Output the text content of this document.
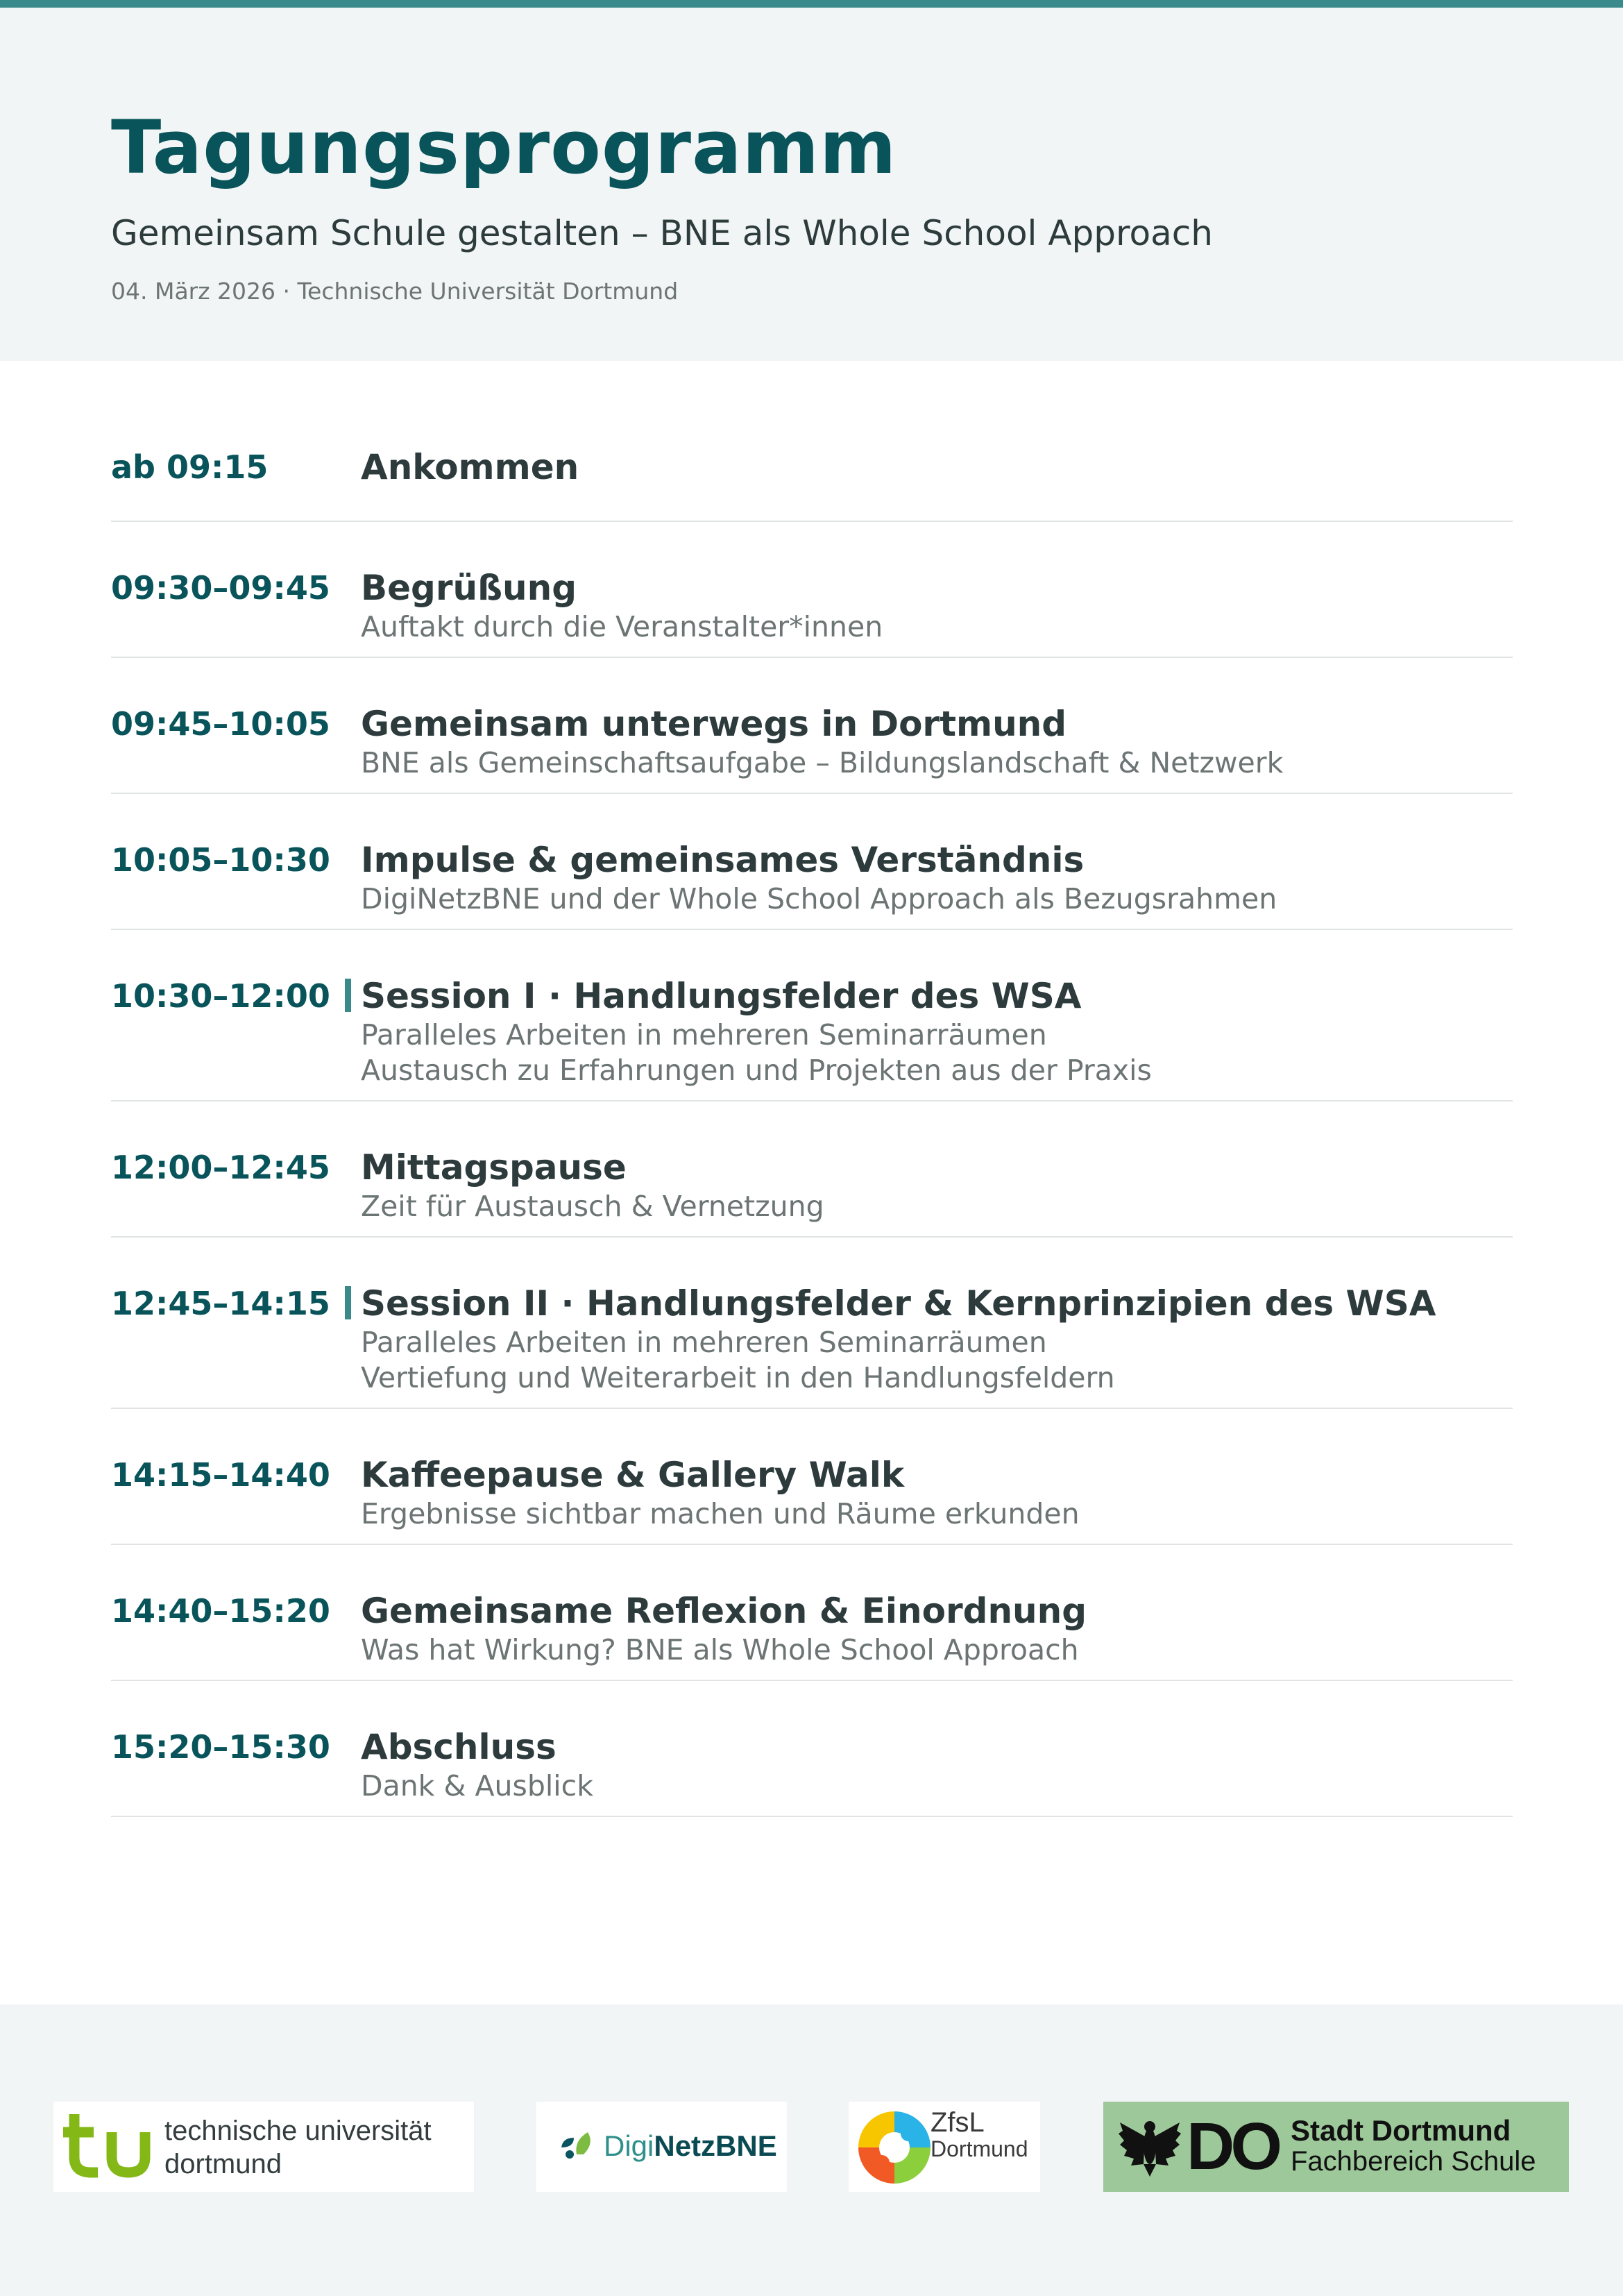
Tagungsprogramm
Gemeinsam Schule gestalten – BNE als Whole School Approach
04. März 2026 · Technische Universität Dortmund
ab 09:15	Ankommen
09:30–09:45 Begrüßung
Auftakt durch die Veranstalter*innen
09:45–10:05 Gemeinsam unterwegs in Dortmund
BNE als Gemeinschaftsaufgabe – Bildungslandschaft & Netzwerk
10:05–10:30 Impulse & gemeinsames Verständnis
DigiNetzBNE und der Whole School Approach als Bezugsrahmen
10:30–12:00 Session I · Handlungsfelder des WSA
Paralleles Arbeiten in mehreren Seminarräumen
Austausch zu Erfahrungen und Projekten aus der Praxis
12:00–12:45 Mittagspause
Zeit für Austausch & Vernetzung
12:45–14:15 Session II · Handlungsfelder & Kernprinzipien des WSA
Paralleles Arbeiten in mehreren Seminarräumen
Vertiefung und Weiterarbeit in den Handlungsfeldern
14:15–14:40 Kaffeepause & Gallery Walk
Ergebnisse sichtbar machen und Räume erkunden
14:40–15:20 Gemeinsame Reflexion & Einordnung
Was hat Wirkung? BNE als Whole School Approach
15:20–15:30 Abschluss
Dank & Ausblick
technische universität
dortmund
DigiNetzBNE
ZfsL
Dortmund DO Stadt Dortmund
Fachbereich Schule
